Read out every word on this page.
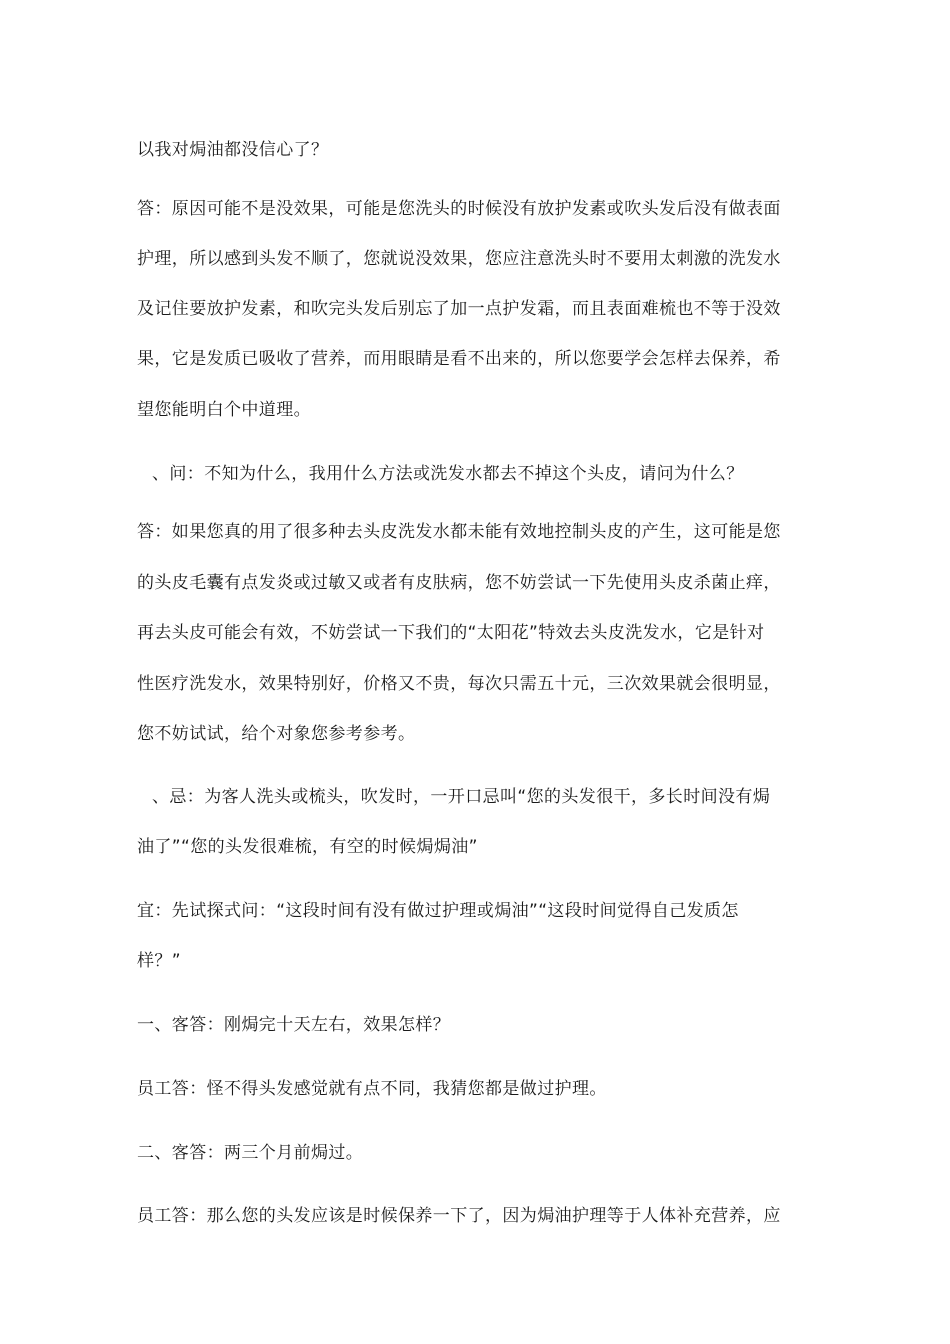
以我对焗油都没信心了？
答：原因可能不是没效果，可能是您洗头的时候没有放护发素或吹头发后没有做表面
护理，所以感到头发不顺了，您就说没效果，您应注意洗头时不要用太刺激的洗发水
及记住要放护发素，和吹完头发后别忘了加一点护发霜，而且表面难梳也不等于没效
果，它是发质已吸收了营养，而用眼睛是看不出来的，所以您要学会怎样去保养，希
望您能明白个中道理。
、问：不知为什么，我用什么方法或洗发水都去不掉这个头皮，请问为什么？
答：如果您真的用了很多种去头皮洗发水都未能有效地控制头皮的产生，这可能是您
的头皮毛囊有点发炎或过敏又或者有皮肤病，您不妨尝试一下先使用头皮杀菌止痒，
再去头皮可能会有效，不妨尝试一下我们的“太阳花”特效去头皮洗发水，它是针对
性医疗洗发水，效果特别好，价格又不贵，每次只需五十元，三次效果就会很明显，
您不妨试试，给个对象您参考参考。
、忌：为客人洗头或梳头，吹发时，一开口忌叫“您的头发很干，多长时间没有焗
油了”“您的头发很难梳，有空的时候焗焗油”
宜：先试探式问：“这段时间有没有做过护理或焗油”“这段时间觉得自己发质怎
样？”
一、客答：刚焗完十天左右，效果怎样？
员工答：怪不得头发感觉就有点不同，我猜您都是做过护理。
二、客答：两三个月前焗过。
员工答：那么您的头发应该是时候保养一下了，因为焗油护理等于人体补充营养，应
